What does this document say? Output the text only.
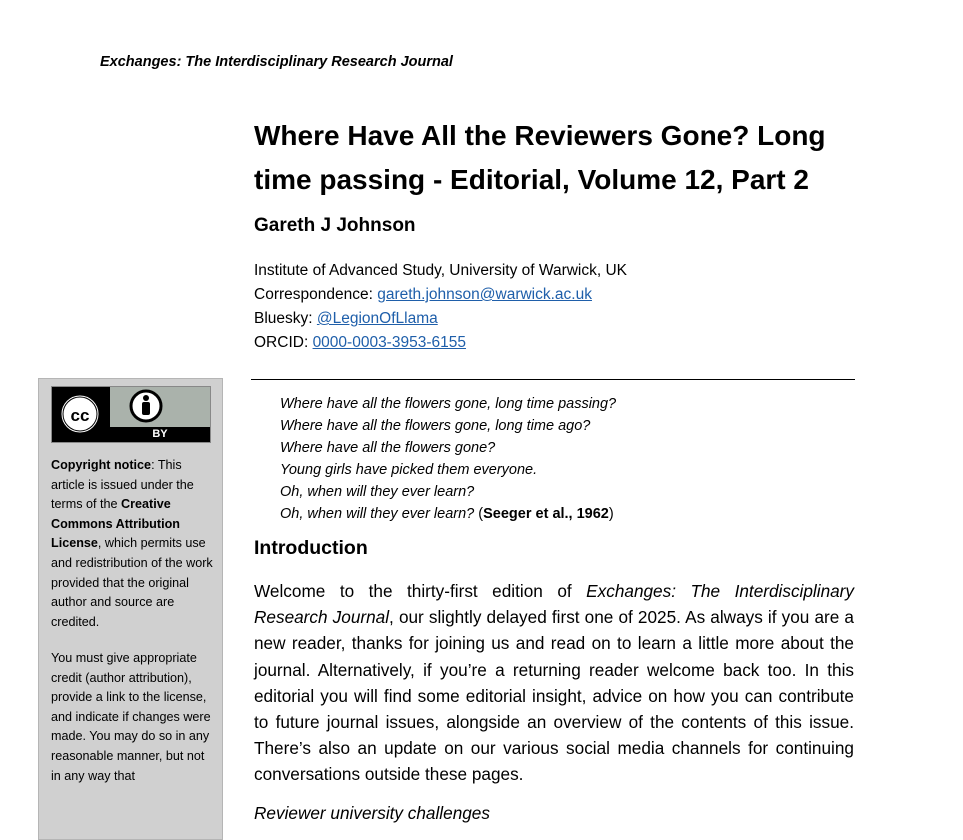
Exchanges: The Interdisciplinary Research Journal
Where Have All the Reviewers Gone? Long time passing - Editorial, Volume 12, Part 2
Gareth J Johnson
Institute of Advanced Study, University of Warwick, UK
Correspondence: gareth.johnson@warwick.ac.uk
Bluesky: @LegionOfLlama
ORCID: 0000-0003-3953-6155
cc
BY
Copyright notice: This article is issued under the terms of the Creative Commons Attribution License, which permits use and redistribution of the work provided that the original author and source are credited.
You must give appropriate credit (author attribution), provide a link to the license, and indicate if changes were made. You may do so in any reasonable manner, but not in any way that
Where have all the flowers gone, long time passing?
Where have all the flowers gone, long time ago?
Where have all the flowers gone?
Young girls have picked them everyone.
Oh, when will they ever learn?
Oh, when will they ever learn? (Seeger et al., 1962)
Introduction

Welcome to the thirty-first edition of Exchanges: The Interdisciplinary Research Journal, our slightly delayed first one of 2025. As always if you are a new reader, thanks for joining us and read on to learn a little more about the journal. Alternatively, if you’re a returning reader welcome back too. In this editorial you will find some editorial insight, advice on how you can contribute to future journal issues, alongside an overview of the contents of this issue. There’s also an update on our various social media channels for continuing conversations outside these pages.

Reviewer university challenges
